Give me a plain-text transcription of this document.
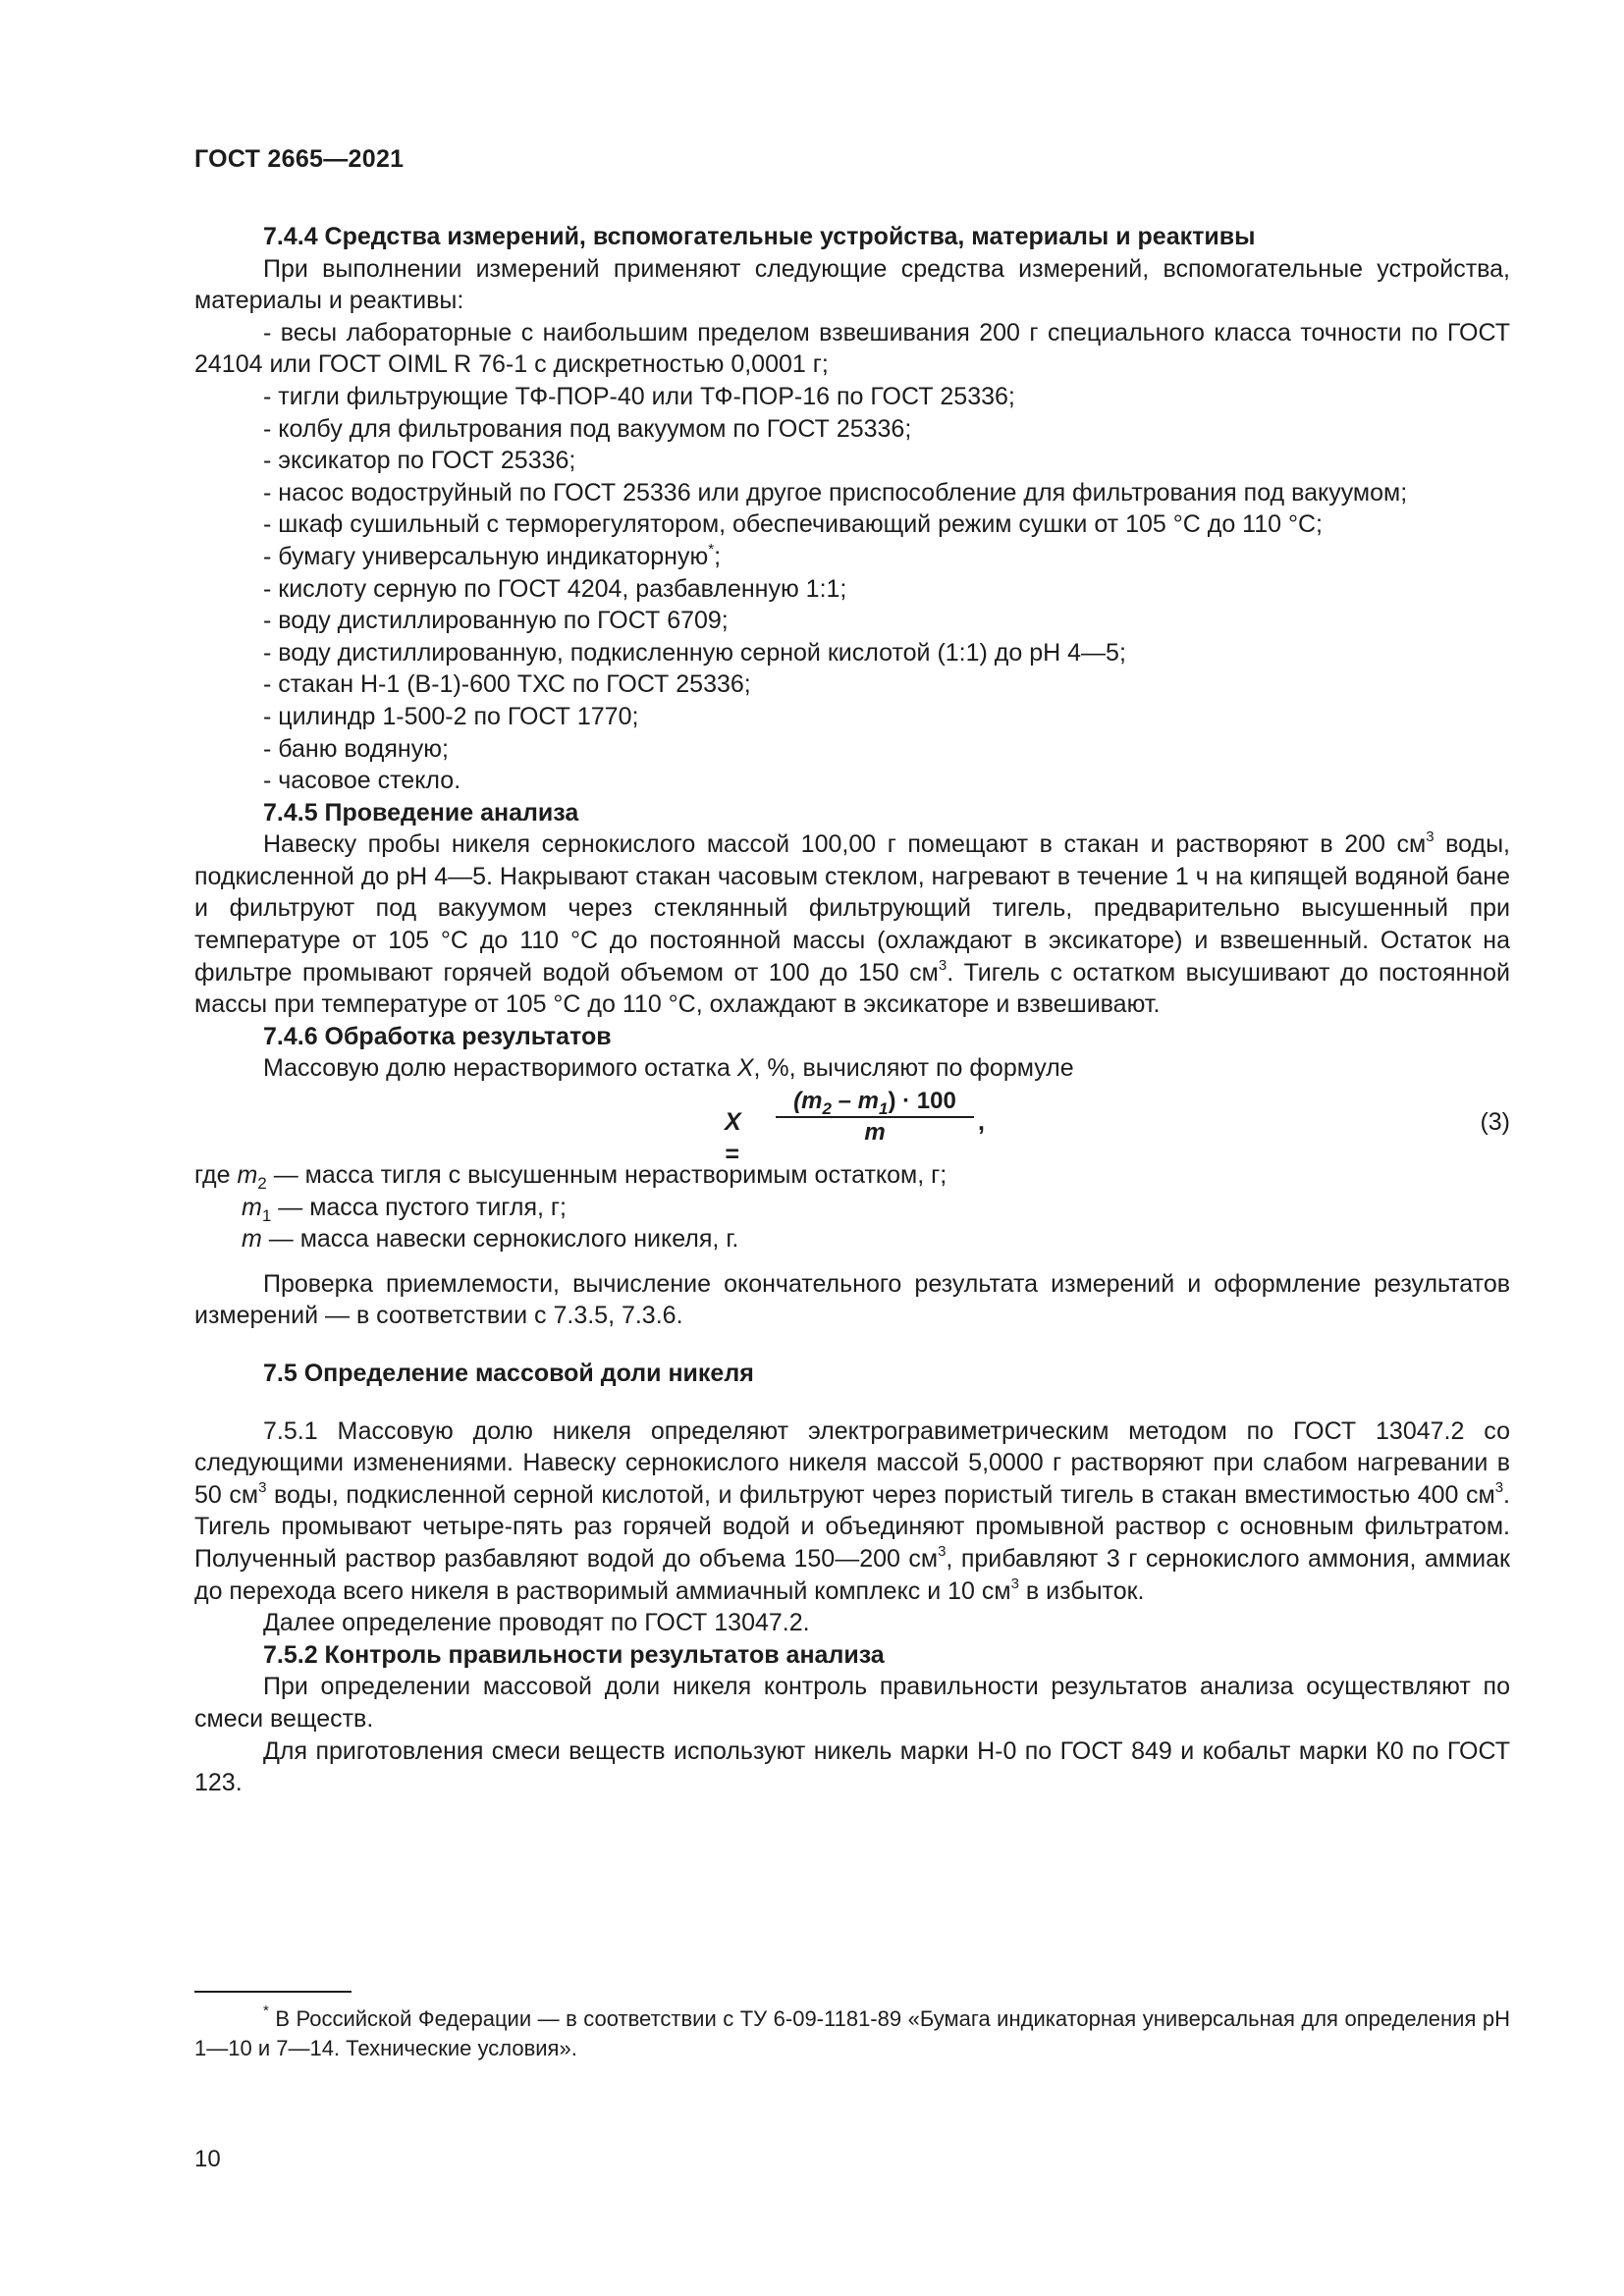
ГОСТ 2665—2021

7.4.4 Средства измерений, вспомогательные устройства, материалы и реактивы

При выполнении измерений применяют следующие средства измерений, вспомогательные устройства, материалы и реактивы:

- весы лабораторные с наибольшим пределом взвешивания 200 г специального класса точности по ГОСТ 24104 или ГОСТ OIML R 76-1 с дискретностью 0,0001 г;

- тигли фильтрующие ТФ-ПОР-40 или ТФ-ПОР-16 по ГОСТ 25336;

- колбу для фильтрования под вакуумом по ГОСТ 25336;

- эксикатор по ГОСТ 25336;

- насос водоструйный по ГОСТ 25336 или другое приспособление для фильтрования под вакуумом;

- шкаф сушильный с терморегулятором, обеспечивающий режим сушки от 105 °С до 110 °С;

- бумагу универсальную индикаторную*;

- кислоту серную по ГОСТ 4204, разбавленную 1:1;

- воду дистиллированную по ГОСТ 6709;

- воду дистиллированную, подкисленную серной кислотой (1:1) до рН 4—5;

- стакан Н-1 (В-1)-600 ТХС по ГОСТ 25336;

- цилиндр 1-500-2 по ГОСТ 1770;

- баню водяную;

- часовое стекло.

7.4.5 Проведение анализа

Навеску пробы никеля сернокислого массой 100,00 г помещают в стакан и растворяют в 200 $см^3$ воды, подкисленной до рН 4—5. Накрывают стакан часовым стеклом, нагревают в течение 1 ч на кипящей водяной бане и фильтруют под вакуумом через стеклянный фильтрующий тигель, предварительно высушенный при температуре от 105 °С до 110 °С до постоянной массы (охлаждают в эксикаторе) и взвешенный. Остаток на фильтре промывают горячей водой объемом от 100 до 150 $см^3$. Тигель с остатком высушивают до постоянной массы при температуре от 105 °С до 110 °С, охлаждают в эксикаторе и взвешивают.

7.4.6 Обработка результатов

Массовую долю нерастворимого остатка X, %, вычисляют по формуле

X =
$\frac{(m_2 - m_1) \cdot 100}{m}$ ,	(3)

где $m_2$ — масса тигля с высушенным нерастворимым остатком, г;

$m_1$ — масса пустого тигля, г;

m — масса навески сернокислого никеля, г.

Проверка приемлемости, вычисление окончательного результата измерений и оформление результатов измерений — в соответствии с 7.3.5, 7.3.6.

7.5 Определение массовой доли никеля

7.5.1 Массовую долю никеля определяют электрогравиметрическим методом по ГОСТ 13047.2 со следующими изменениями. Навеску сернокислого никеля массой 5,0000 г растворяют при слабом нагревании в 50 $см^3$ воды, подкисленной серной кислотой, и фильтруют через пористый тигель в стакан вместимостью 400 $см^3$. Тигель промывают четыре-пять раз горячей водой и объединяют промывной раствор с основным фильтратом. Полученный раствор разбавляют водой до объема 150—200 $см^3$, прибавляют 3 г сернокислого аммония, аммиак до перехода всего никеля в растворимый аммиачный комплекс и 10 $см^3$ в избыток.

Далее определение проводят по ГОСТ 13047.2.

7.5.2 Контроль правильности результатов анализа

При определении массовой доли никеля контроль правильности результатов анализа осуществляют по смеси веществ.

Для приготовления смеси веществ используют никель марки Н-0 по ГОСТ 849 и кобальт марки К0 по ГОСТ 123.

* В Российской Федерации — в соответствии с ТУ 6-09-1181-89 «Бумага индикаторная универсальная для определения рН 1—10 и 7—14. Технические условия».

10
